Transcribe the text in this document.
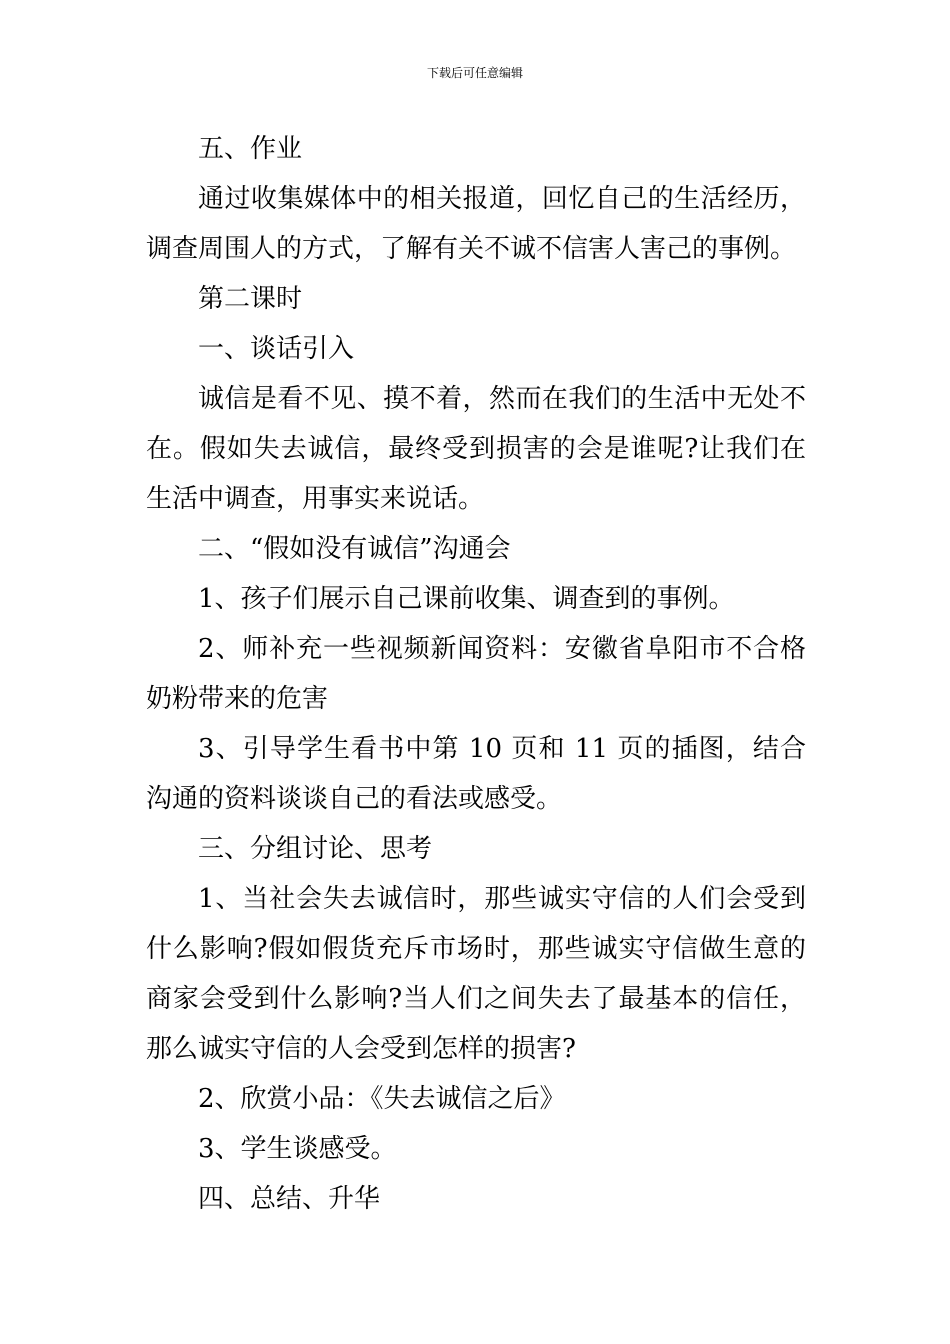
下载后可任意编辑

五、作业

通过收集媒体中的相关报道，回忆自己的生活经历，调查周围人的方式，了解有关不诚不信害人害己的事例。

第二课时

一、谈话引入

诚信是看不见、摸不着，然而在我们的生活中无处不在。假如失去诚信，最终受到损害的会是谁呢?让我们在生活中调查，用事实来说话。

二、“假如没有诚信”沟通会

1、孩子们展示自己课前收集、调查到的事例。

2、师补充一些视频新闻资料：安徽省阜阳市不合格奶粉带来的危害

3、引导学生看书中第 10 页和 11 页的插图，结合沟通的资料谈谈自己的看法或感受。

三、分组讨论、思考

1、当社会失去诚信时，那些诚实守信的人们会受到什么影响?假如假货充斥市场时，那些诚实守信做生意的商家会受到什么影响?当人们之间失去了最基本的信任，那么诚实守信的人会受到怎样的损害?

2、欣赏小品：《失去诚信之后》

3、学生谈感受。

四、总结、升华
